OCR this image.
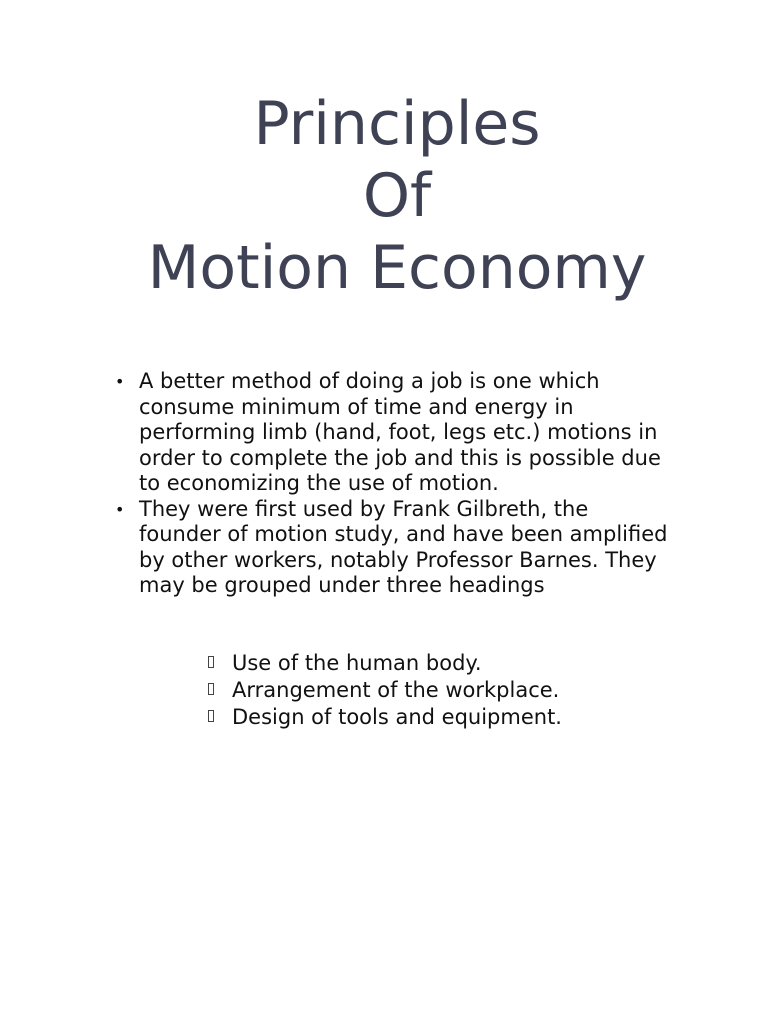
Principles
Of
Motion Economy
• A better method of doing a job is one which consume minimum of time and energy in performing limb (hand, foot, legs etc.) motions in order to complete the job and this is possible due to economizing the use of motion.
• They were first used by Frank Gilbreth, the founder of motion study, and have been amplified by other workers, notably Professor Barnes. They may be grouped under three headings
Use of the human body.
Arrangement of the workplace.
Design of tools and equipment.
